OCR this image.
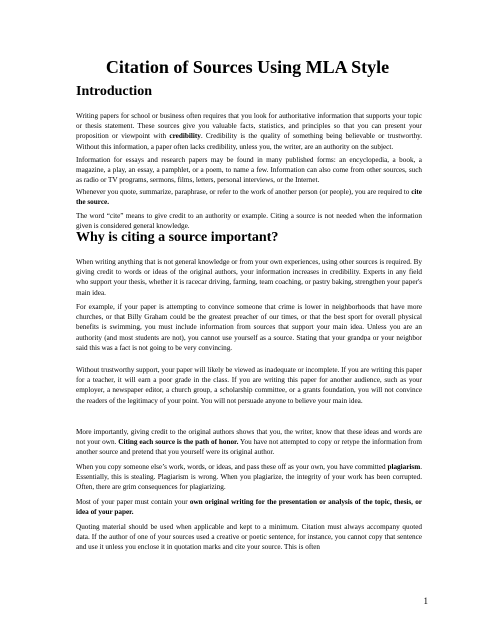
Citation of Sources Using MLA Style
Introduction

Writing papers for school or business often requires that you look for authoritative information that supports your topic or thesis statement. These sources give you valuable facts, statistics, and principles so that you can present your proposition or viewpoint with credibility. Credibility is the quality of something being believable or trustworthy. Without this information, a paper often lacks credibility, unless you, the writer, are an authority on the subject.

Information for essays and research papers may be found in many published forms: an encyclopedia, a book, a magazine, a play, an essay, a pamphlet, or a poem, to name a few. Information can also come from other sources, such as radio or TV programs, sermons, films, letters, personal interviews, or the Internet.

Whenever you quote, summarize, paraphrase, or refer to the work of another person (or people), you are required to cite the source.

The word “cite” means to give credit to an authority or example. Citing a source is not needed when the information given is considered general knowledge.

Why is citing a source important?

When writing anything that is not general knowledge or from your own experiences, using other sources is required. By giving credit to words or ideas of the original authors, your information increases in credibility. Experts in any field who support your thesis, whether it is racecar driving, farming, team coaching, or pastry baking, strengthen your paper's main idea.

For example, if your paper is attempting to convince someone that crime is lower in neighborhoods that have more churches, or that Billy Graham could be the greatest preacher of our times, or that the best sport for overall physical benefits is swimming, you must include information from sources that support your main idea. Unless you are an authority (and most students are not), you cannot use yourself as a source. Stating that your grandpa or your neighbor said this was a fact is not going to be very convincing.

Without trustworthy support, your paper will likely be viewed as inadequate or incomplete. If you are writing this paper for a teacher, it will earn a poor grade in the class. If you are writing this paper for another audience, such as your employer, a newspaper editor, a church group, a scholarship committee, or a grants foundation, you will not convince the readers of the legitimacy of your point. You will not persuade anyone to believe your main idea.

More importantly, giving credit to the original authors shows that you, the writer, know that these ideas and words are not your own. Citing each source is the path of honor. You have not attempted to copy or retype the information from another source and pretend that you yourself were its original author.

When you copy someone else’s work, words, or ideas, and pass these off as your own, you have committed plagiarism. Essentially, this is stealing. Plagiarism is wrong. When you plagiarize, the integrity of your work has been corrupted. Often, there are grim consequences for plagiarizing.

Most of your paper must contain your own original writing for the presentation or analysis of the topic, thesis, or idea of your paper.

Quoting material should be used when applicable and kept to a minimum. Citation must always accompany quoted data. If the author of one of your sources used a creative or poetic sentence, for instance, you cannot copy that sentence and use it unless you enclose it in quotation marks and cite your source. This is often

1
